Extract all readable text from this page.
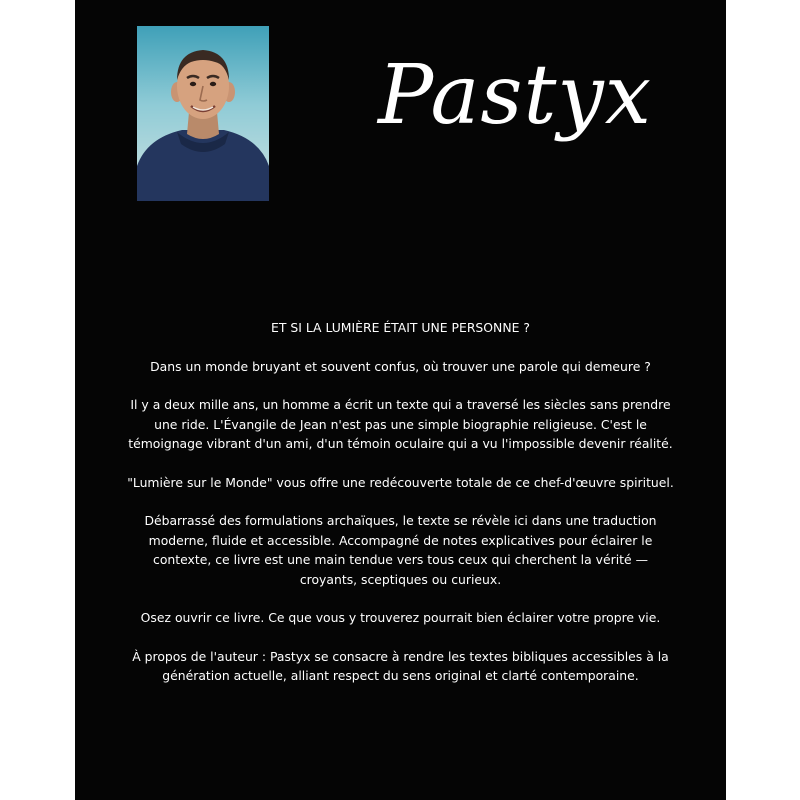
Pastyx

ET SI LA LUMIÈRE ÉTAIT UNE PERSONNE ?

Dans un monde bruyant et souvent confus, où trouver une parole qui demeure ?

Il y a deux mille ans, un homme a écrit un texte qui a traversé les siècles sans prendre une ride. L'Évangile de Jean n'est pas une simple biographie religieuse. C'est le témoignage vibrant d'un ami, d'un témoin oculaire qui a vu l'impossible devenir réalité.

"Lumière sur le Monde" vous offre une redécouverte totale de ce chef-d'œuvre spirituel.

Débarrassé des formulations archaïques, le texte se révèle ici dans une traduction moderne, fluide et accessible. Accompagné de notes explicatives pour éclairer le contexte, ce livre est une main tendue vers tous ceux qui cherchent la vérité — croyants, sceptiques ou curieux.

Osez ouvrir ce livre. Ce que vous y trouverez pourrait bien éclairer votre propre vie.

À propos de l'auteur : Pastyx se consacre à rendre les textes bibliques accessibles à la génération actuelle, alliant respect du sens original et clarté contemporaine.
